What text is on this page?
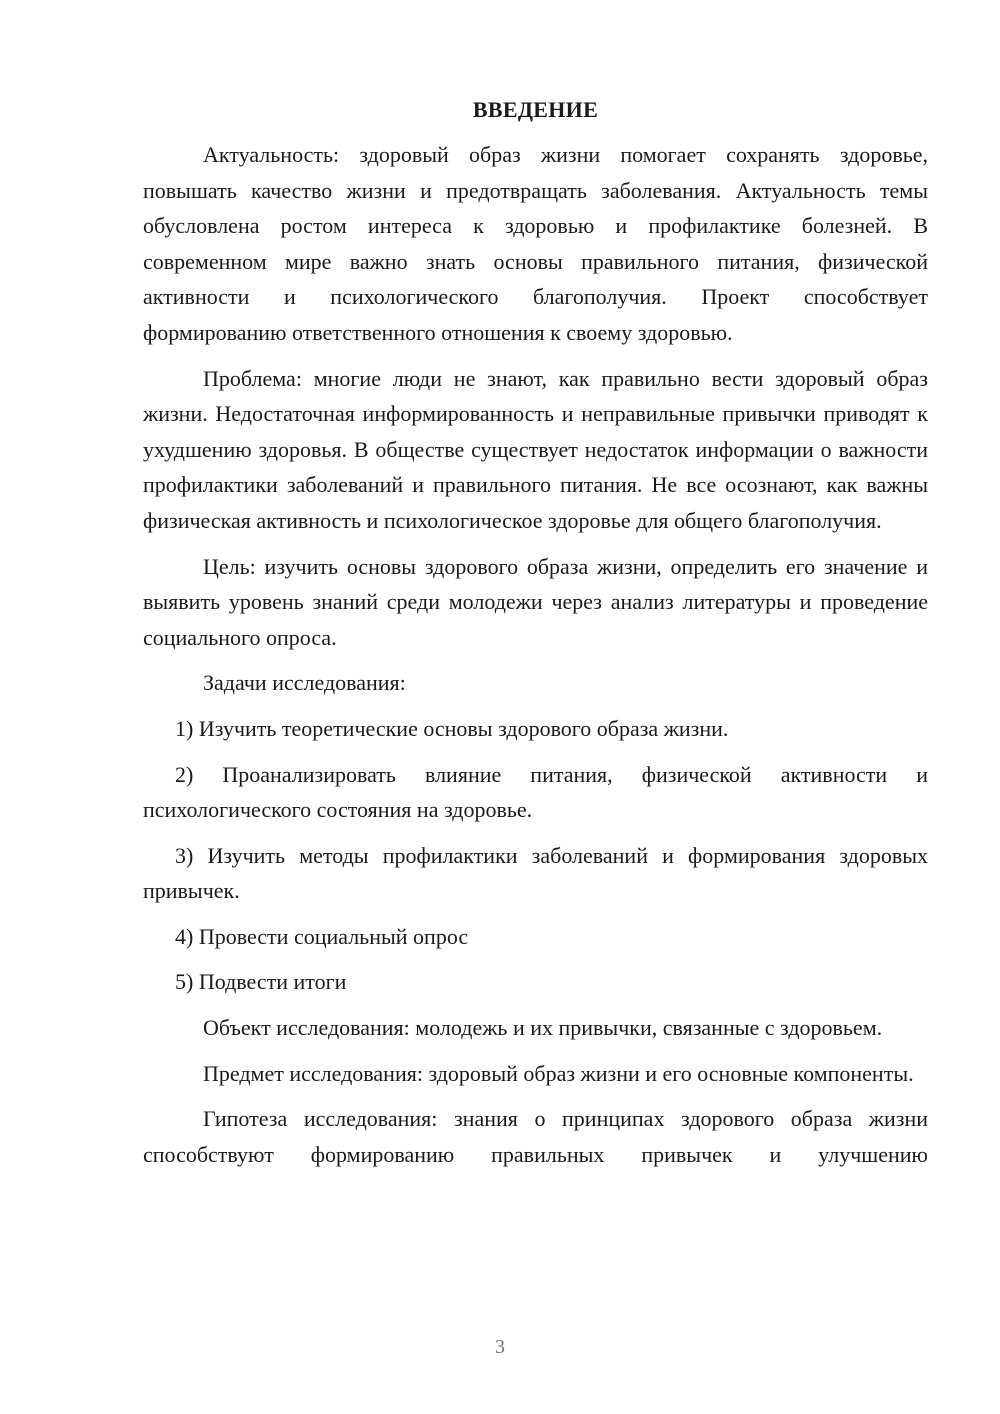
ВВЕДЕНИЕ

Актуальность: здоровый образ жизни помогает сохранять здоровье, повышать качество жизни и предотвращать заболевания. Актуальность темы обусловлена ростом интереса к здоровью и профилактике болезней. В современном мире важно знать основы правильного питания, физической активности и психологического благополучия. Проект способствует формированию ответственного отношения к своему здоровью.

Проблема: многие люди не знают, как правильно вести здоровый образ жизни. Недостаточная информированность и неправильные привычки приводят к ухудшению здоровья. В обществе существует недостаток информации о важности профилактики заболеваний и правильного питания. Не все осознают, как важны физическая активность и психологическое здоровье для общего благополучия.

Цель: изучить основы здорового образа жизни, определить его значение и выявить уровень знаний среди молодежи через анализ литературы и проведение социального опроса.

Задачи исследования:

1) Изучить теоретические основы здорового образа жизни.

2) Проанализировать влияние питания, физической активности и психологического состояния на здоровье.

3) Изучить методы профилактики заболеваний и формирования здоровых привычек.

4) Провести социальный опрос

5) Подвести итоги

Объект исследования: молодежь и их привычки, связанные с здоровьем.

Предмет исследования: здоровый образ жизни и его основные компоненты.

Гипотеза исследования: знания о принципах здорового образа жизни способствуют формированию правильных привычек и улучшению

3
